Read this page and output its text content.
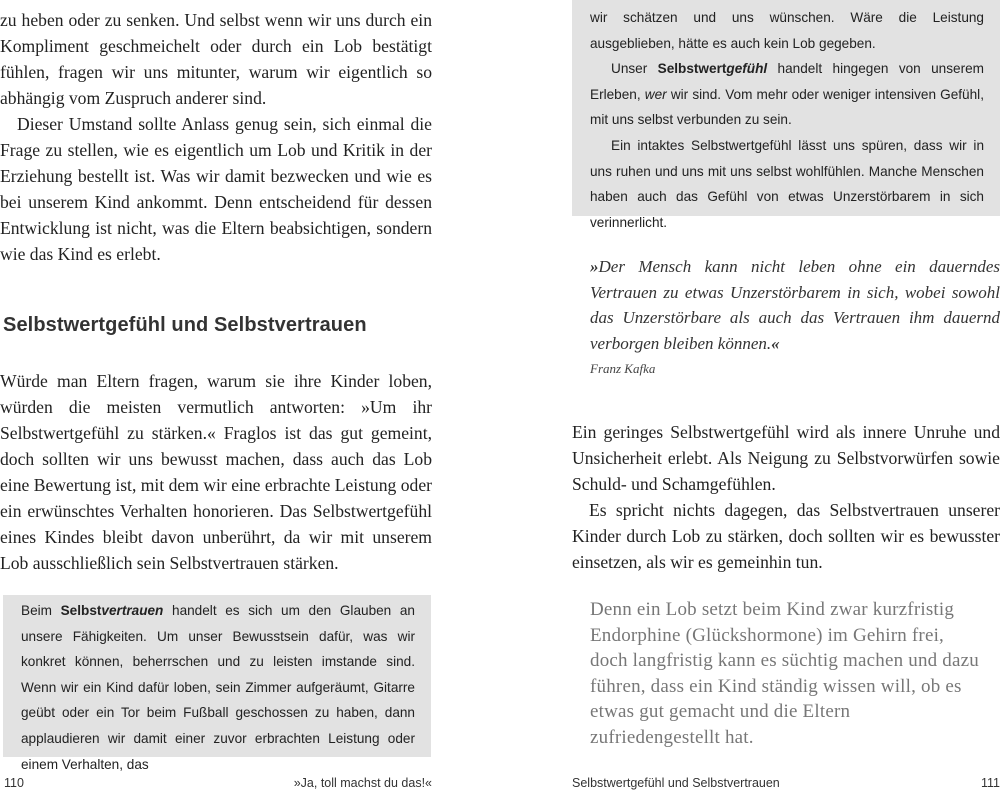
zu heben oder zu senken. Und selbst wenn wir uns durch ein Kompliment geschmeichelt oder durch ein Lob bestätigt fühlen, fragen wir uns mitunter, warum wir eigentlich so abhängig vom Zuspruch anderer sind.

Dieser Umstand sollte Anlass genug sein, sich einmal die Frage zu stellen, wie es eigentlich um Lob und Kritik in der Erziehung bestellt ist. Was wir damit bezwecken und wie es bei unserem Kind ankommt. Denn entscheidend für dessen Entwicklung ist nicht, was die Eltern beabsichtigen, sondern wie das Kind es erlebt.

Selbstwertgefühl und Selbstvertrauen

Würde man Eltern fragen, warum sie ihre Kinder loben, würden die meisten vermutlich antworten: »Um ihr Selbstwertgefühl zu stärken.« Fraglos ist das gut gemeint, doch sollten wir uns bewusst machen, dass auch das Lob eine Bewertung ist, mit dem wir eine erbrachte Leistung oder ein erwünschtes Verhalten honorieren. Das Selbstwertgefühl eines Kindes bleibt davon unberührt, da wir mit unserem Lob ausschließlich sein Selbstvertrauen stärken.

Beim Selbstvertrauen handelt es sich um den Glauben an unsere Fähigkeiten. Um unser Bewusstsein dafür, was wir konkret können, beherrschen und zu leisten imstande sind. Wenn wir ein Kind dafür loben, sein Zimmer aufgeräumt, Gitarre geübt oder ein Tor beim Fußball geschossen zu haben, dann applaudieren wir damit einer zuvor erbrachten Leistung oder einem Verhalten, das

110	»Ja, toll machst du das!«

wir schätzen und uns wünschen. Wäre die Leistung ausgeblieben, hätte es auch kein Lob gegeben.

Unser Selbstwertgefühl handelt hingegen von unserem Erleben, wer wir sind. Vom mehr oder weniger intensiven Gefühl, mit uns selbst verbunden zu sein.

Ein intaktes Selbstwertgefühl lässt uns spüren, dass wir in uns ruhen und uns mit uns selbst wohlfühlen. Manche Menschen haben auch das Gefühl von etwas Unzerstörbarem in sich verinnerlicht.

»Der Mensch kann nicht leben ohne ein dauerndes Vertrauen zu etwas Unzerstörbarem in sich, wobei sowohl das Unzerstörbare als auch das Vertrauen ihm dauernd verborgen bleiben können.«
Franz Kafka

Ein geringes Selbstwertgefühl wird als innere Unruhe und Unsicherheit erlebt. Als Neigung zu Selbstvorwürfen sowie Schuld- und Schamgefühlen.

Es spricht nichts dagegen, das Selbstvertrauen unserer Kinder durch Lob zu stärken, doch sollten wir es bewusster einsetzen, als wir es gemeinhin tun.

Denn ein Lob setzt beim Kind zwar kurzfristig Endorphine (Glückshormone) im Gehirn frei, doch langfristig kann es süchtig machen und dazu führen, dass ein Kind ständig wissen will, ob es etwas gut gemacht und die Eltern zufriedengestellt hat.
Selbstwertgefühl und Selbstvertrauen	111
